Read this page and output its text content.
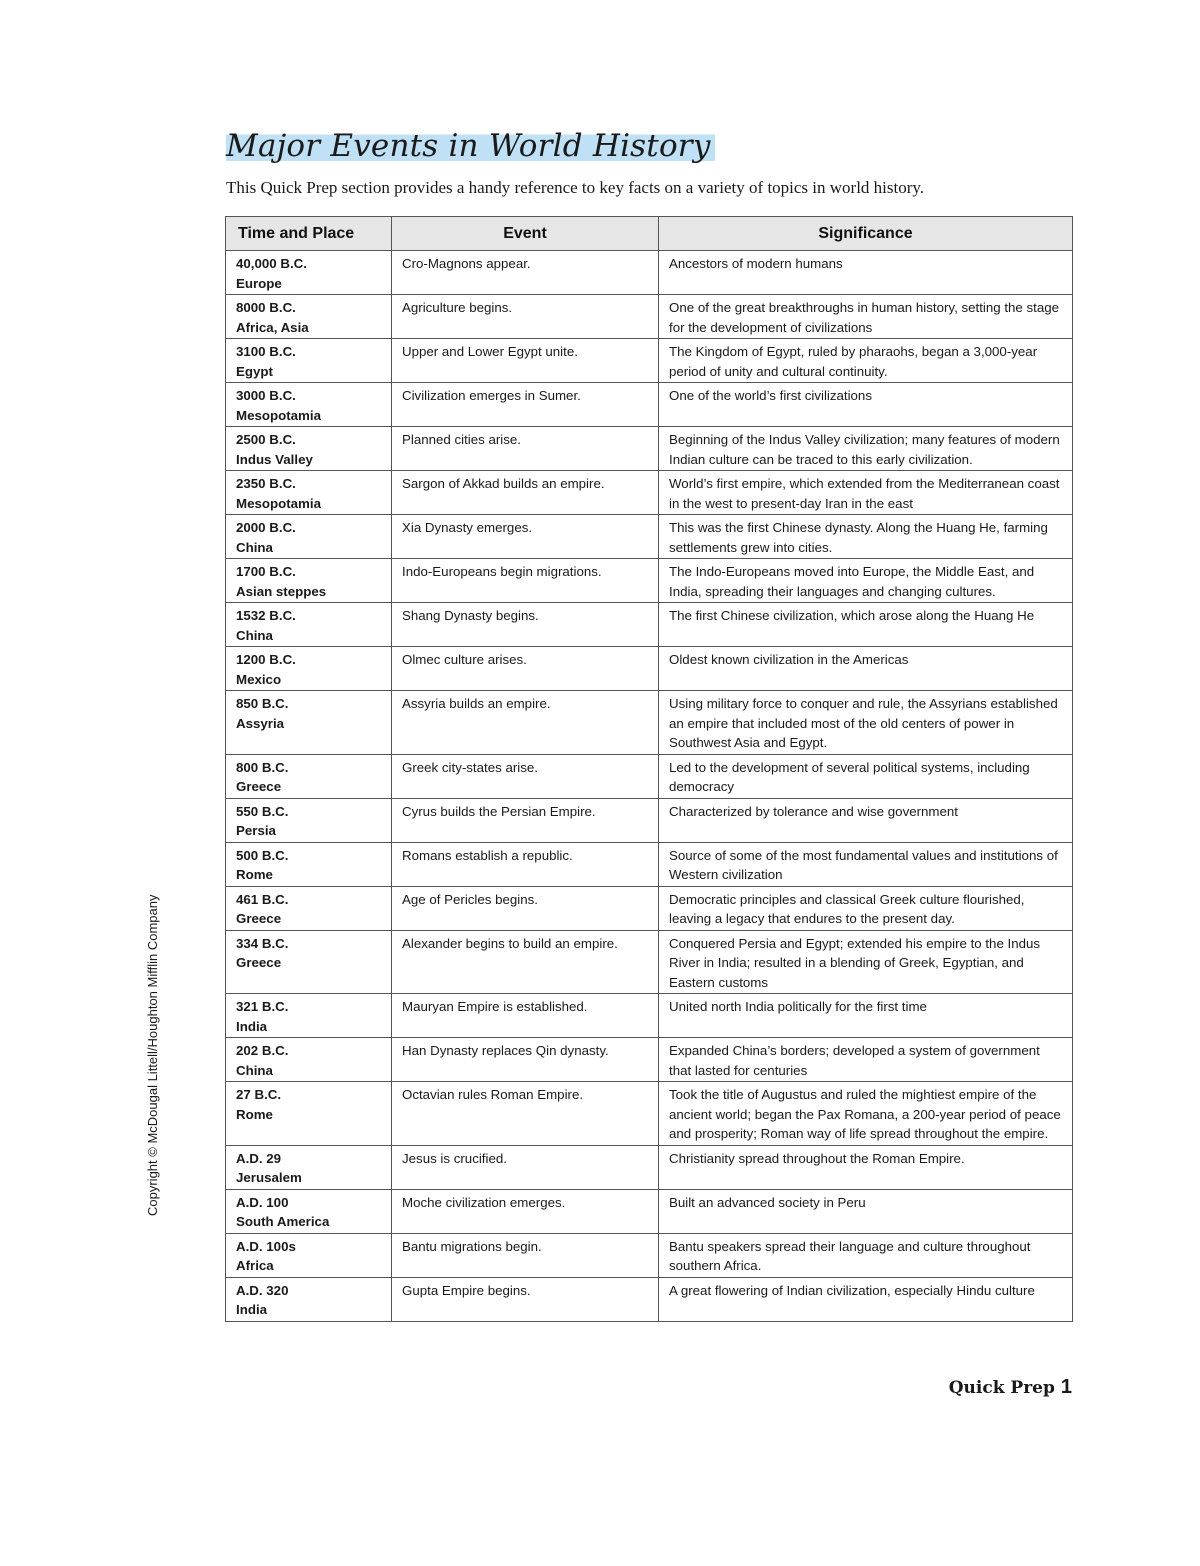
Major Events in World History
This Quick Prep section provides a handy reference to key facts on a variety of topics in world history.
Time and Place	Event	Significance

40,000 B.C.
Europe	Cro-Magnons appear.	Ancestors of modern humans

8000 B.C.
Africa, Asia	Agriculture begins.	One of the great breakthroughs in human history, setting the stage for the development of civilizations

3100 B.C.
Egypt	Upper and Lower Egypt unite.	The Kingdom of Egypt, ruled by pharaohs, began a 3,000-year period of unity and cultural continuity.

3000 B.C.
Mesopotamia	Civilization emerges in Sumer.	One of the world’s first civilizations

2500 B.C.
Indus Valley	Planned cities arise.	Beginning of the Indus Valley civilization; many features of modern Indian culture can be traced to this early civilization.

2350 B.C.
Mesopotamia	Sargon of Akkad builds an empire.	World’s first empire, which extended from the Mediterranean coast in the west to present-day Iran in the east

2000 B.C.
China	Xia Dynasty emerges.	This was the first Chinese dynasty. Along the Huang He, farming settlements grew into cities.

1700 B.C.
Asian steppes	Indo-Europeans begin migrations.	The Indo-Europeans moved into Europe, the Middle East, and India, spreading their languages and changing cultures.

1532 B.C.
China	Shang Dynasty begins.	The first Chinese civilization, which arose along the Huang He

1200 B.C.
Mexico	Olmec culture arises.	Oldest known civilization in the Americas

850 B.C.
Assyria	Assyria builds an empire.	Using military force to conquer and rule, the Assyrians established an empire that included most of the old centers of power in Southwest Asia and Egypt.

800 B.C.
Greece	Greek city-states arise.	Led to the development of several political systems, including democracy

550 B.C.
Persia	Cyrus builds the Persian Empire.	Characterized by tolerance and wise government

500 B.C.
Rome	Romans establish a republic.	Source of some of the most fundamental values and institutions of Western civilization

461 B.C.
Greece	Age of Pericles begins.	Democratic principles and classical Greek culture flourished, leaving a legacy that endures to the present day.

334 B.C.
Greece	Alexander begins to build an empire.	Conquered Persia and Egypt; extended his empire to the Indus River in India; resulted in a blending of Greek, Egyptian, and Eastern customs

321 B.C.
India	Mauryan Empire is established.	United north India politically for the first time

202 B.C.
China	Han Dynasty replaces Qin dynasty.	Expanded China’s borders; developed a system of government that lasted for centuries

27 B.C.
Rome	Octavian rules Roman Empire.	Took the title of Augustus and ruled the mightiest empire of the ancient world; began the Pax Romana, a 200-year period of peace and prosperity; Roman way of life spread throughout the empire.

A.D. 29
Jerusalem	Jesus is crucified.	Christianity spread throughout the Roman Empire.

A.D. 100
South America	Moche civilization emerges.	Built an advanced society in Peru

A.D. 100s
Africa	Bantu migrations begin.	Bantu speakers spread their language and culture throughout southern Africa.

A.D. 320
India	Gupta Empire begins.	A great flowering of Indian civilization, especially Hindu culture
Copyright © McDougal Littell/Houghton Mifflin Company
Quick Prep 1
